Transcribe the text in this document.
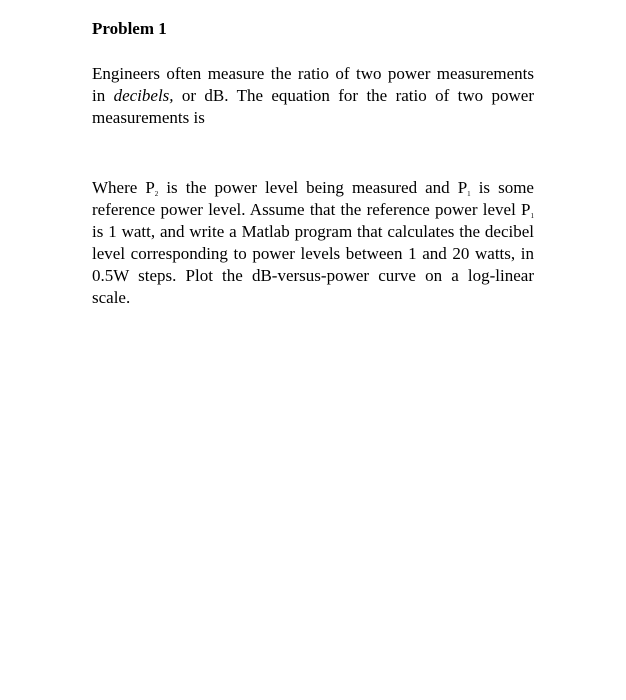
Problem 1

Engineers often measure the ratio of two power measurements in decibels, or dB. The equation for the ratio of two power measurements is

Where $P_2$ is the power level being measured and $P_1$ is some reference power level. Assume that the reference power level $P_1$ is 1 watt, and write a Matlab program that calculates the decibel level corresponding to power levels between 1 and 20 watts, in 0.5W steps. Plot the dB-versus-power curve on a log-linear scale.
